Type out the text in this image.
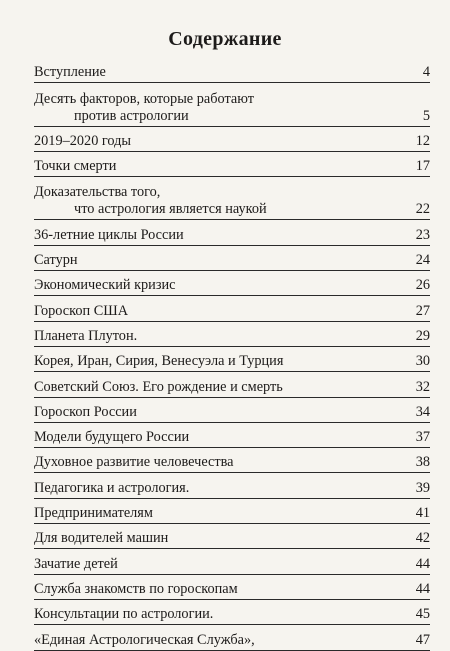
Содержание
Вступление	4
Десять факторов, которые работают
против астрологии	5
2019–2020 годы	12
Точки смерти	17
Доказательства того,
что астрология является наукой	22
36-летние циклы России	23
Сатурн	24
Экономический кризис	26
Гороскоп США	27
Планета Плутон.	29
Корея, Иран, Сирия, Венесуэла и Турция	30
Советский Союз. Его рождение и смерть	32
Гороскоп России	34
Модели будущего России	37
Духовное развитие человечества	38
Педагогика и астрология.	39
Предпринимателям	41
Для водителей машин	42
Зачатие детей	44
Служба знакомств по гороскопам	44
Консультации по астрологии.	45
«Единая Астрологическая Служба»,	47
